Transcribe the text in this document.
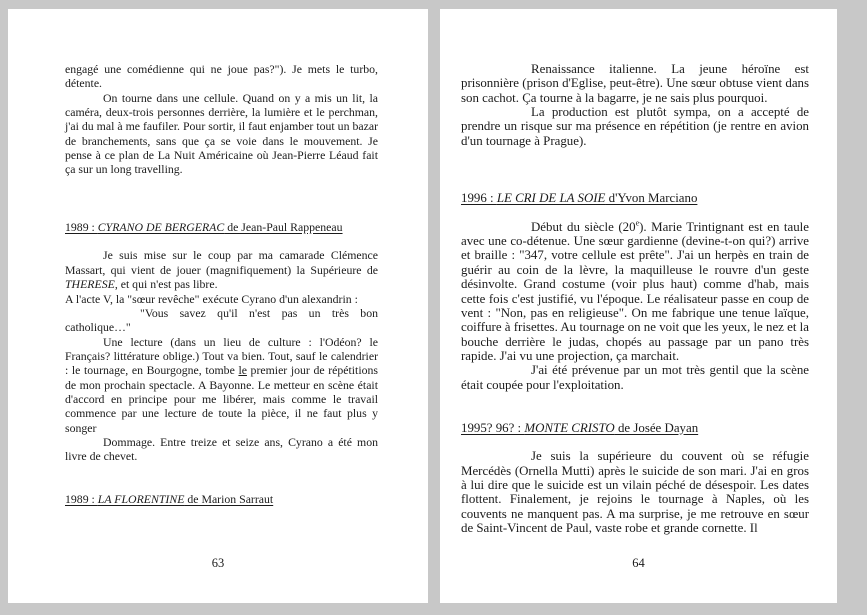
engagé une comédienne qui ne joue pas?"). Je mets le turbo, détente.
On tourne dans une cellule. Quand on y a mis un lit, la caméra, deux-trois personnes derrière, la lumière et le perchman, j'ai du mal à me faufiler. Pour sortir, il faut enjamber tout un bazar de branchements, sans que ça se voie dans le mouvement. Je pense à ce plan de La Nuit Américaine où Jean-Pierre Léaud fait ça sur un long travelling.
1989 : CYRANO DE BERGERAC de Jean-Paul Rappeneau
Je suis mise sur le coup par ma camarade Clémence Massart, qui vient de jouer (magnifiquement) la Supérieure de THERESE, et qui n'est pas libre.
A l'acte V, la "sœur revêche" exécute Cyrano d'un alexandrin :
"Vous savez qu'il n'est pas un très bon catholique…"
Une lecture (dans un lieu de culture : l'Odéon? le Français? littérature oblige.) Tout va bien. Tout, sauf le calendrier : le tournage, en Bourgogne, tombe le premier jour de répétitions de mon prochain spectacle. A Bayonne. Le metteur en scène était d'accord en principe pour me libérer, mais comme le travail commence par une lecture de toute la pièce, il ne faut plus y songer
Dommage. Entre treize et seize ans, Cyrano a été mon livre de chevet.
1989 : LA FLORENTINE de Marion Sarraut
63
Renaissance italienne. La jeune héroïne est prisonnière (prison d'Eglise, peut-être). Une sœur obtuse vient dans son cachot. Ça tourne à la bagarre, je ne sais plus pourquoi.
La production est plutôt sympa, on a accepté de prendre un risque sur ma présence en répétition (je rentre en avion d'un tournage à Prague).
1996 : LE CRI DE LA SOIE d'Yvon Marciano
Début du siècle (20e). Marie Trintignant est en taule avec une co-détenue. Une sœur gardienne (devine-t-on qui?) arrive et braille : "347, votre cellule est prête". J'ai un herpès en train de guérir au coin de la lèvre, la maquilleuse le rouvre d'un geste désinvolte. Grand costume (voir plus haut) comme d'hab, mais cette fois c'est justifié, vu l'époque. Le réalisateur passe en coup de vent : "Non, pas en religieuse". On me fabrique une tenue laïque, coiffure à frisettes. Au tournage on ne voit que les yeux, le nez et la bouche derrière le judas, chopés au passage par un pano très rapide. J'ai vu une projection, ça marchait.
J'ai été prévenue par un mot très gentil que la scène était coupée pour l'exploitation.
1995? 96? : MONTE CRISTO de Josée Dayan
Je suis la supérieure du couvent où se réfugie Mercédès (Ornella Mutti) après le suicide de son mari. J'ai en gros à lui dire que le suicide est un vilain péché de désespoir. Les dates flottent. Finalement, je rejoins le tournage à Naples, où les couvents ne manquent pas. A ma surprise, je me retrouve en sœur de Saint-Vincent de Paul, vaste robe et grande cornette. Il
64
